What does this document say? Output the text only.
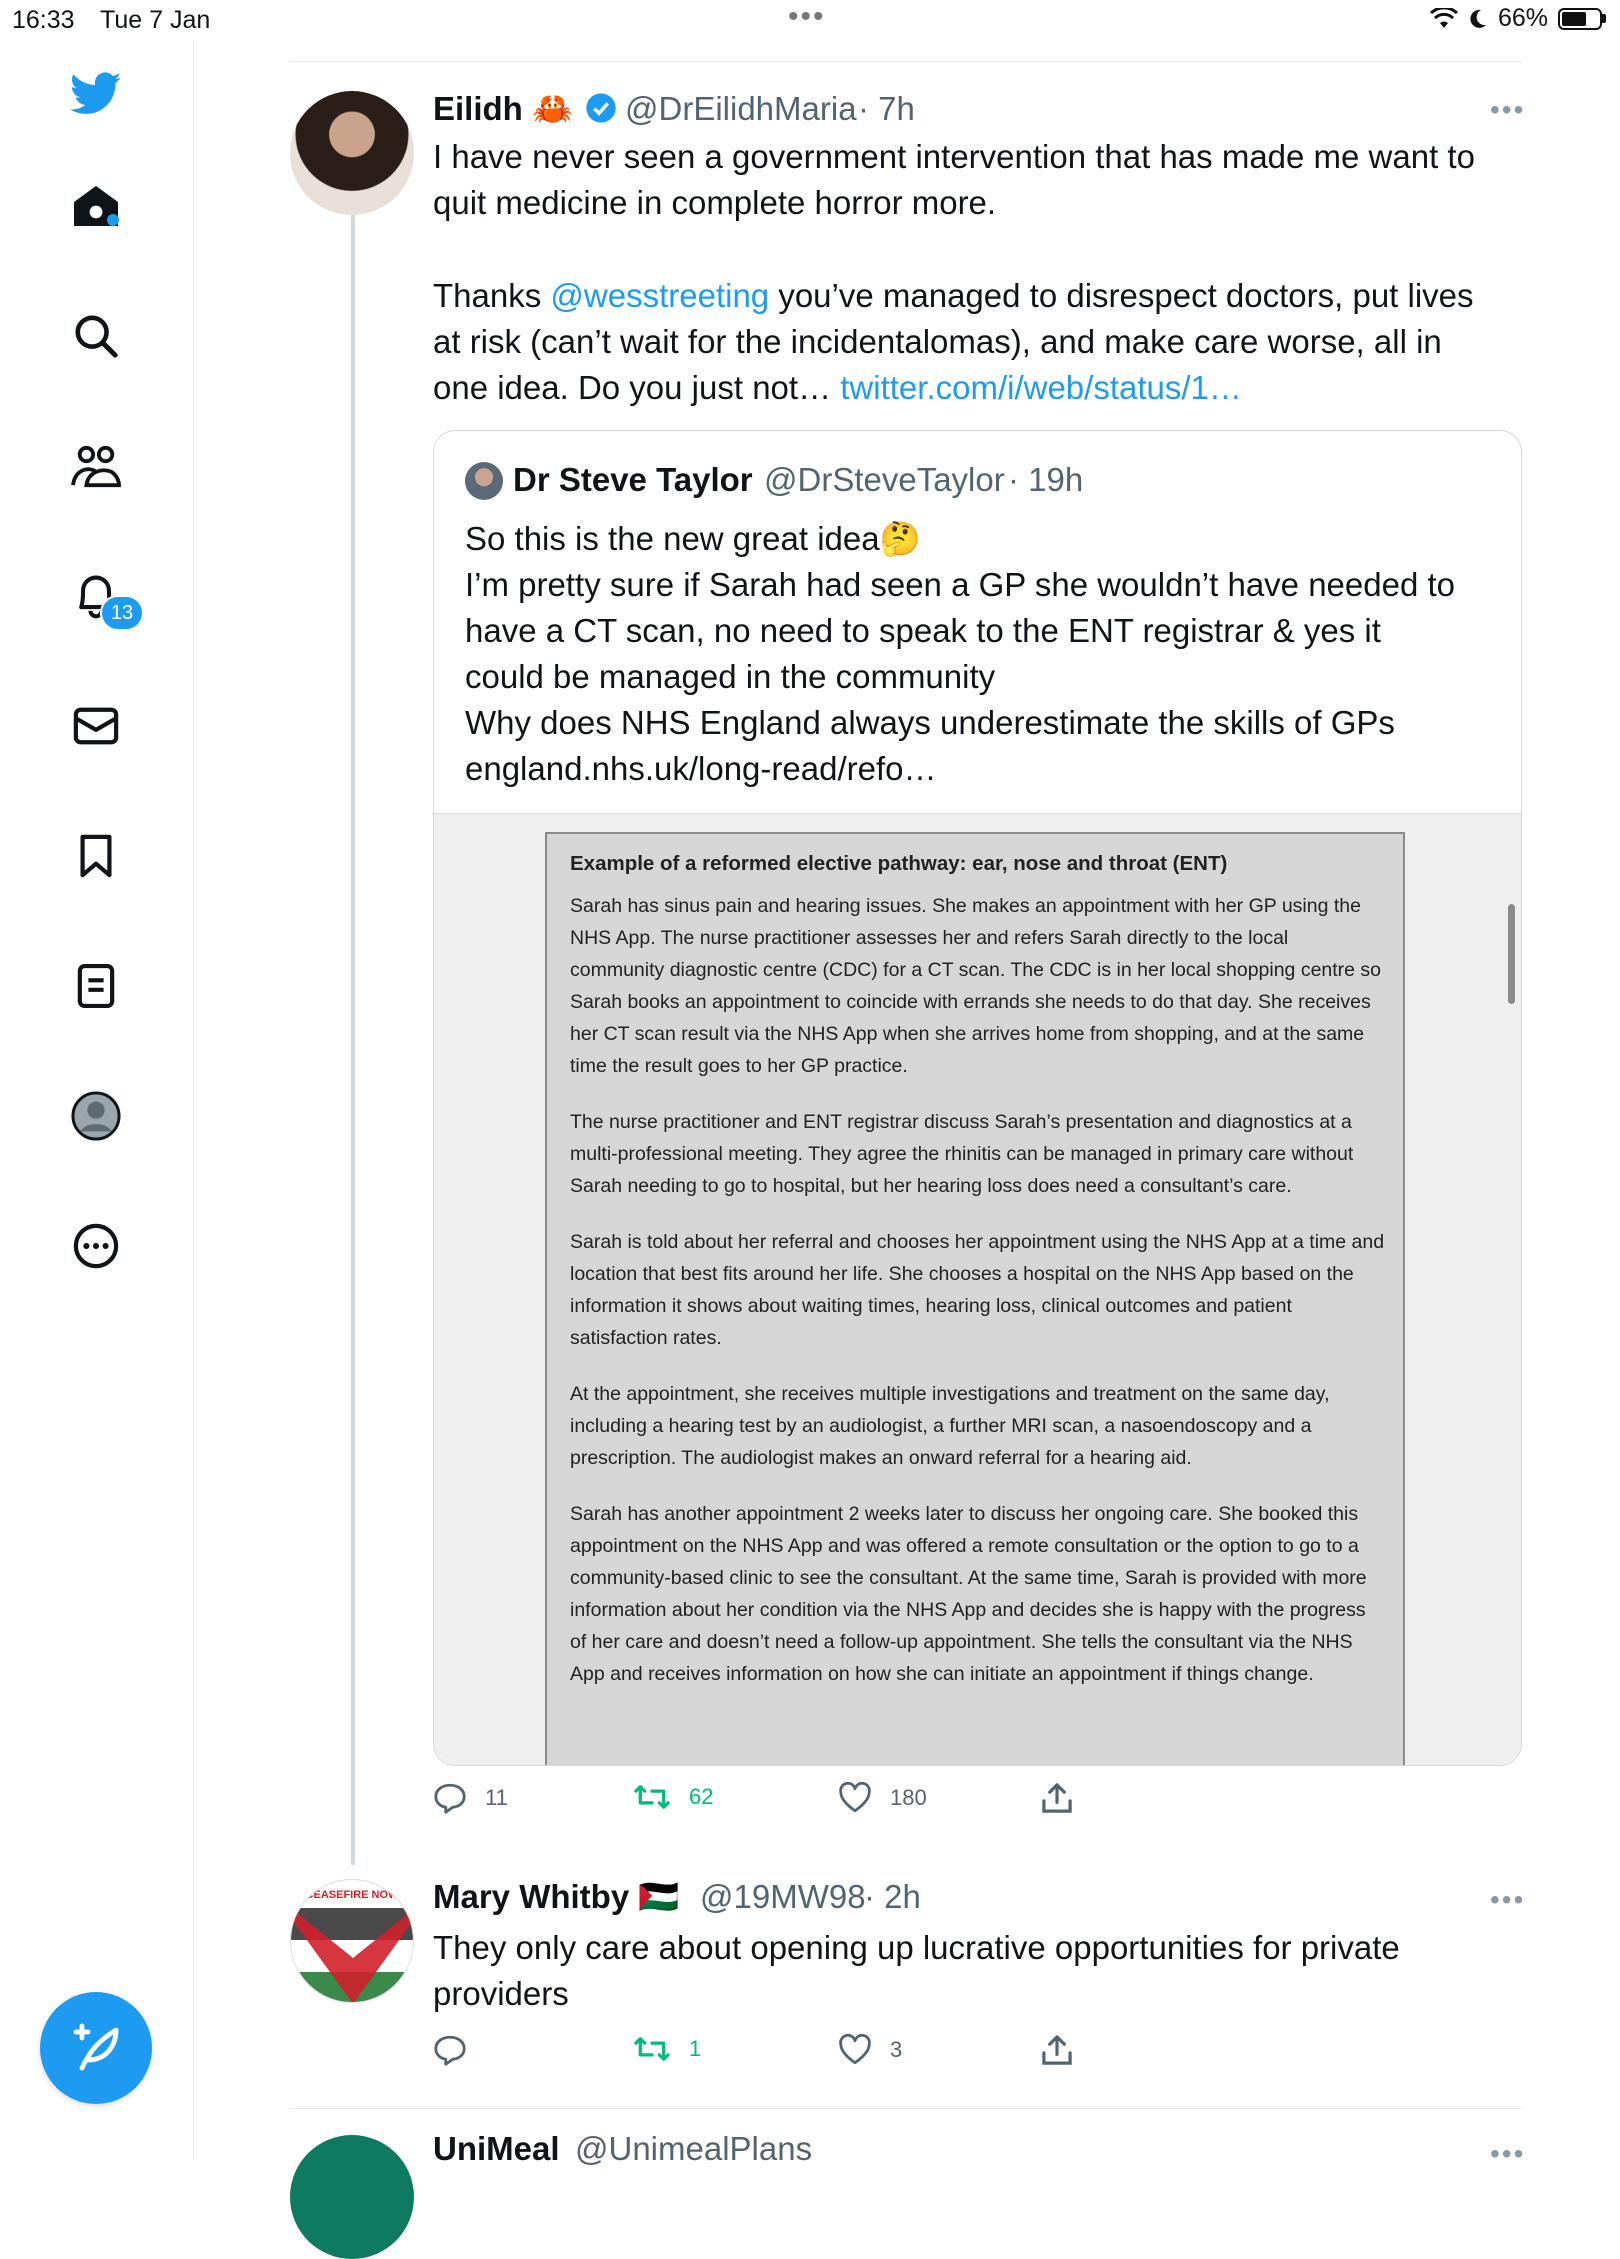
16:33 Tue 7 Jan	•••	66%
13
Eilidh 🦀 @DrEilidhMaria · 7h	•••
I have never seen a government intervention that has made me want to
quit medicine in complete horror more.
Thanks @wesstreeting you’ve managed to disrespect doctors, put lives
at risk (can’t wait for the incidentalomas), and make care worse, all in
one idea. Do you just not… twitter.com/i/web/status/1…
Dr Steve Taylor @DrSteveTaylor · 19h
So this is the new great idea🤔
I’m pretty sure if Sarah had seen a GP she wouldn’t have needed to
have a CT scan, no need to speak to the ENT registrar & yes it
could be managed in the community
Why does NHS England always underestimate the skills of GPs
england.nhs.uk/long-read/refo…
Example of a reformed elective pathway: ear, nose and throat (ENT)

Sarah has sinus pain and hearing issues. She makes an appointment with her GP using the NHS App. The nurse practitioner assesses her and refers Sarah directly to the local community diagnostic centre (CDC) for a CT scan. The CDC is in her local shopping centre so Sarah books an appointment to coincide with errands she needs to do that day. She receives her CT scan result via the NHS App when she arrives home from shopping, and at the same time the result goes to her GP practice.

The nurse practitioner and ENT registrar discuss Sarah’s presentation and diagnostics at a multi-professional meeting. They agree the rhinitis can be managed in primary care without Sarah needing to go to hospital, but her hearing loss does need a consultant’s care.

Sarah is told about her referral and chooses her appointment using the NHS App at a time and location that best fits around her life. She chooses a hospital on the NHS App based on the information it shows about waiting times, hearing loss, clinical outcomes and patient satisfaction rates.

At the appointment, she receives multiple investigations and treatment on the same day, including a hearing test by an audiologist, a further MRI scan, a nasoendoscopy and a prescription. The audiologist makes an onward referral for a hearing aid.

Sarah has another appointment 2 weeks later to discuss her ongoing care. She booked this appointment on the NHS App and was offered a remote consultation or the option to go to a community-based clinic to see the consultant. At the same time, Sarah is provided with more information about her condition via the NHS App and decides she is happy with the progress of her care and doesn’t need a follow-up appointment. She tells the consultant via the NHS App and receives information on how she can initiate an appointment if things change.

11	62	180
CEASEFIRE NOW	Mary Whitby 🇵🇸 @19MW98
· 2h	•••
They only care about opening up lucrative opportunities for private
providers
1	3
UniMeal @UnimealPlans	•••
